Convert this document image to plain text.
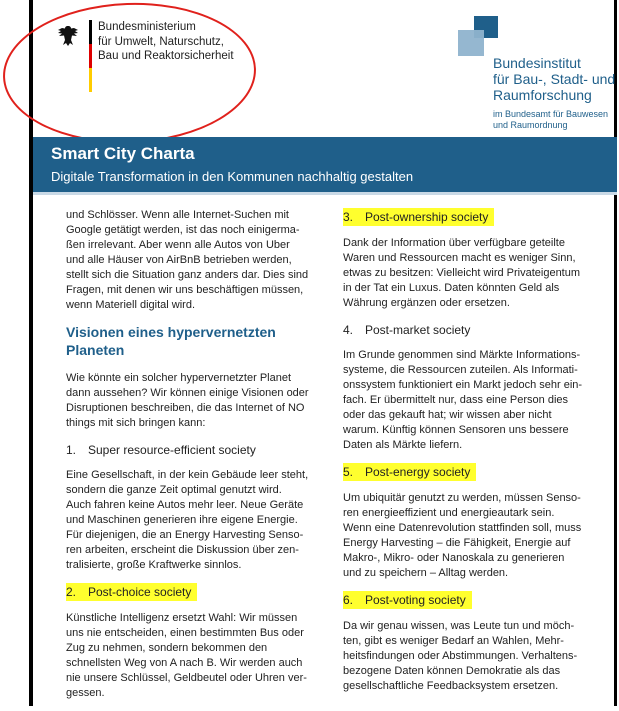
Bundesministerium
für Umwelt, Naturschutz,
Bau und Reaktorsicherheit	Bundesinstitut
für Bau-, Stadt- und
Raumforschung
im Bundesamt für Bauwesen
und Raumordnung
Smart City Charta
Digitale Transformation in den Kommunen nachhaltig gestalten
und Schlösser. Wenn alle Internet-Suchen mit
Google getätigt werden, ist das noch einigerma-
ßen irrelevant. Aber wenn alle Autos von Uber
und alle Häuser von AirBnB betrieben werden,
stellt sich die Situation ganz anders dar. Dies sind
Fragen, mit denen wir uns beschäftigen müssen,
wenn Materiell digital wird.
Visionen eines hypervernetzten
Planeten
Wie könnte ein solcher hypervernetzter Planet
dann aussehen? Wir können einige Visionen oder
Disruptionen beschreiben, die das Internet of NO
things mit sich bringen kann:
1. Super resource-efficient society
Eine Gesellschaft, in der kein Gebäude leer steht,
sondern die ganze Zeit optimal genutzt wird.
Auch fahren keine Autos mehr leer. Neue Geräte
und Maschinen generieren ihre eigene Energie.
Für diejenigen, die an Energy Harvesting Senso-
ren arbeiten, erscheint die Diskussion über zen-
tralisierte, große Kraftwerke sinnlos.
2. Post-choice society
Künstliche Intelligenz ersetzt Wahl: Wir müssen
uns nie entscheiden, einen bestimmten Bus oder
Zug zu nehmen, sondern bekommen den
schnellsten Weg von A nach B. Wir werden auch
nie unsere Schlüssel, Geldbeutel oder Uhren ver-
gessen.
3. Post-ownership society
Dank der Information über verfügbare geteilte
Waren und Ressourcen macht es weniger Sinn,
etwas zu besitzen: Vielleicht wird Privateigentum
in der Tat ein Luxus. Daten könnten Geld als
Währung ergänzen oder ersetzen.
4. Post-market society
Im Grunde genommen sind Märkte Informations-
systeme, die Ressourcen zuteilen. Als Informati-
onssystem funktioniert ein Markt jedoch sehr ein-
fach. Er übermittelt nur, dass eine Person dies
oder das gekauft hat; wir wissen aber nicht
warum. Künftig können Sensoren uns bessere
Daten als Märkte liefern.
5. Post-energy society
Um ubiquitär genutzt zu werden, müssen Senso-
ren energieeffizient und energieautark sein.
Wenn eine Datenrevolution stattfinden soll, muss
Energy Harvesting – die Fähigkeit, Energie auf
Makro-, Mikro- oder Nanoskala zu generieren
und zu speichern – Alltag werden.
6. Post-voting society
Da wir genau wissen, was Leute tun und möch-
ten, gibt es weniger Bedarf an Wahlen, Mehr-
heitsfindungen oder Abstimmungen. Verhaltens-
bezogene Daten können Demokratie als das
gesellschaftliche Feedbacksystem ersetzen.
